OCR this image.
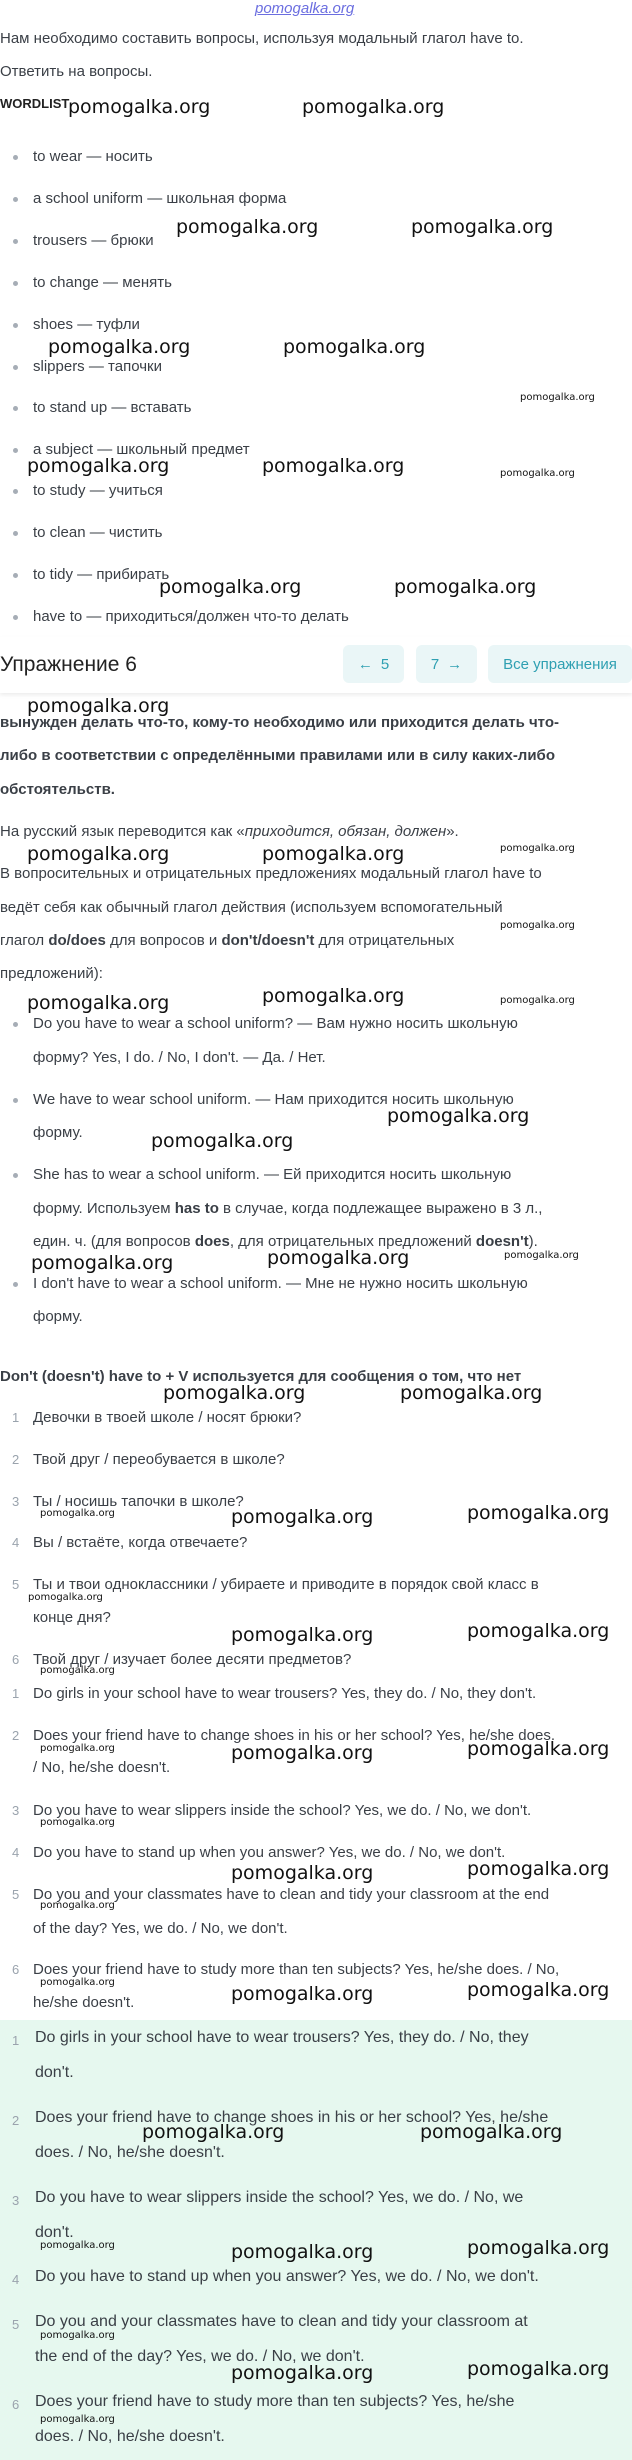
pomogalka.org
Нам необходимо составить вопросы, используя модальный глагол have to.
Ответить на вопросы.
WORDLIST
to wear — носить
a school uniform — школьная форма
trousers — брюки
to change — менять
shoes — туфли
slippers — тапочки
to stand up — вставать
a subject — школьный предмет
to study — учиться
to clean — чистить
to tidy — прибирать
have to — приходиться/должен что-то делать
Упражнение 6	← 5	7 →	Все упражнения
вынужден делать что-то, кому-то необходимо или приходится делать что-
либо в соответствии с определёнными правилами или в силу каких-либо
обстоятельств.
На русский язык переводится как «приходится, обязан, должен».
В вопросительных и отрицательных предложениях модальный глагол have to
ведёт себя как обычный глагол действия (используем вспомогательный
глагол do/does для вопросов и don't/doesn't для отрицательных
предложений):
Do you have to wear a school uniform? — Вам нужно носить школьную
форму? Yes, I do. / No, I don't. — Да. / Нет.
We have to wear school uniform. — Нам приходится носить школьную
форму.
She has to wear a school uniform. — Ей приходится носить школьную
форму. Используем has to в случае, когда подлежащее выражено в 3 л.,
един. ч. (для вопросов does, для отрицательных предложений doesn't).
I don't have to wear a school uniform. — Мне не нужно носить школьную
форму.
Don't (doesn't) have to + V используется для сообщения о том, что нет
1 Девочки в твоей школе / носят брюки?
2 Твой друг / переобувается в школе?
3 Ты / носишь тапочки в школе?
4 Вы / встаёте, когда отвечаете?
5 Ты и твои одноклассники / убираете и приводите в порядок свой класс в
конце дня?
6 Твой друг / изучает более десяти предметов?
1 Do girls in your school have to wear trousers? Yes, they do. / No, they don't.
2 Does your friend have to change shoes in his or her school? Yes, he/she does.
/ No, he/she doesn't.
3 Do you have to wear slippers inside the school? Yes, we do. / No, we don't.
4 Do you have to stand up when you answer? Yes, we do. / No, we don't.
5 Do you and your classmates have to clean and tidy your classroom at the end
of the day? Yes, we do. / No, we don't.
6 Does your friend have to study more than ten subjects? Yes, he/she does. / No,
he/she doesn't.
1 Do girls in your school have to wear trousers? Yes, they do. / No, they
don't.
2 Does your friend have to change shoes in his or her school? Yes, he/she
does. / No, he/she doesn't.
3 Do you have to wear slippers inside the school? Yes, we do. / No, we
don't.
4 Do you have to stand up when you answer? Yes, we do. / No, we don't.
5 Do you and your classmates have to clean and tidy your classroom at
the end of the day? Yes, we do. / No, we don't.
6 Does your friend have to study more than ten subjects? Yes, he/she
does. / No, he/she doesn't.
pomogalka.org	pomogalka.org
pomogalka.org	pomogalka.org
pomogalka.org	pomogalka.org
pomogalka.org
pomogalka.org	pomogalka.org	pomogalka.org
pomogalka.org	pomogalka.org
pomogalka.org
pomogalka.org	pomogalka.org	pomogalka.org
pomogalka.org
pomogalka.org
pomogalka.org	pomogalka.org
pomogalka.org
pomogalka.org
pomogalka.org	pomogalka.org	pomogalka.org
pomogalka.org	pomogalka.org
pomogalka.org	pomogalka.org	pomogalka.org
pomogalka.org
pomogalka.org	pomogalka.org
pomogalka.org
pomogalka.org	pomogalka.org	pomogalka.org
pomogalka.org
pomogalka.org	pomogalka.org
pomogalka.org
pomogalka.org
pomogalka.org	pomogalka.org
pomogalka.org	pomogalka.org
pomogalka.org	pomogalka.org	pomogalka.org
pomogalka.org
pomogalka.org	pomogalka.org
pomogalka.org
